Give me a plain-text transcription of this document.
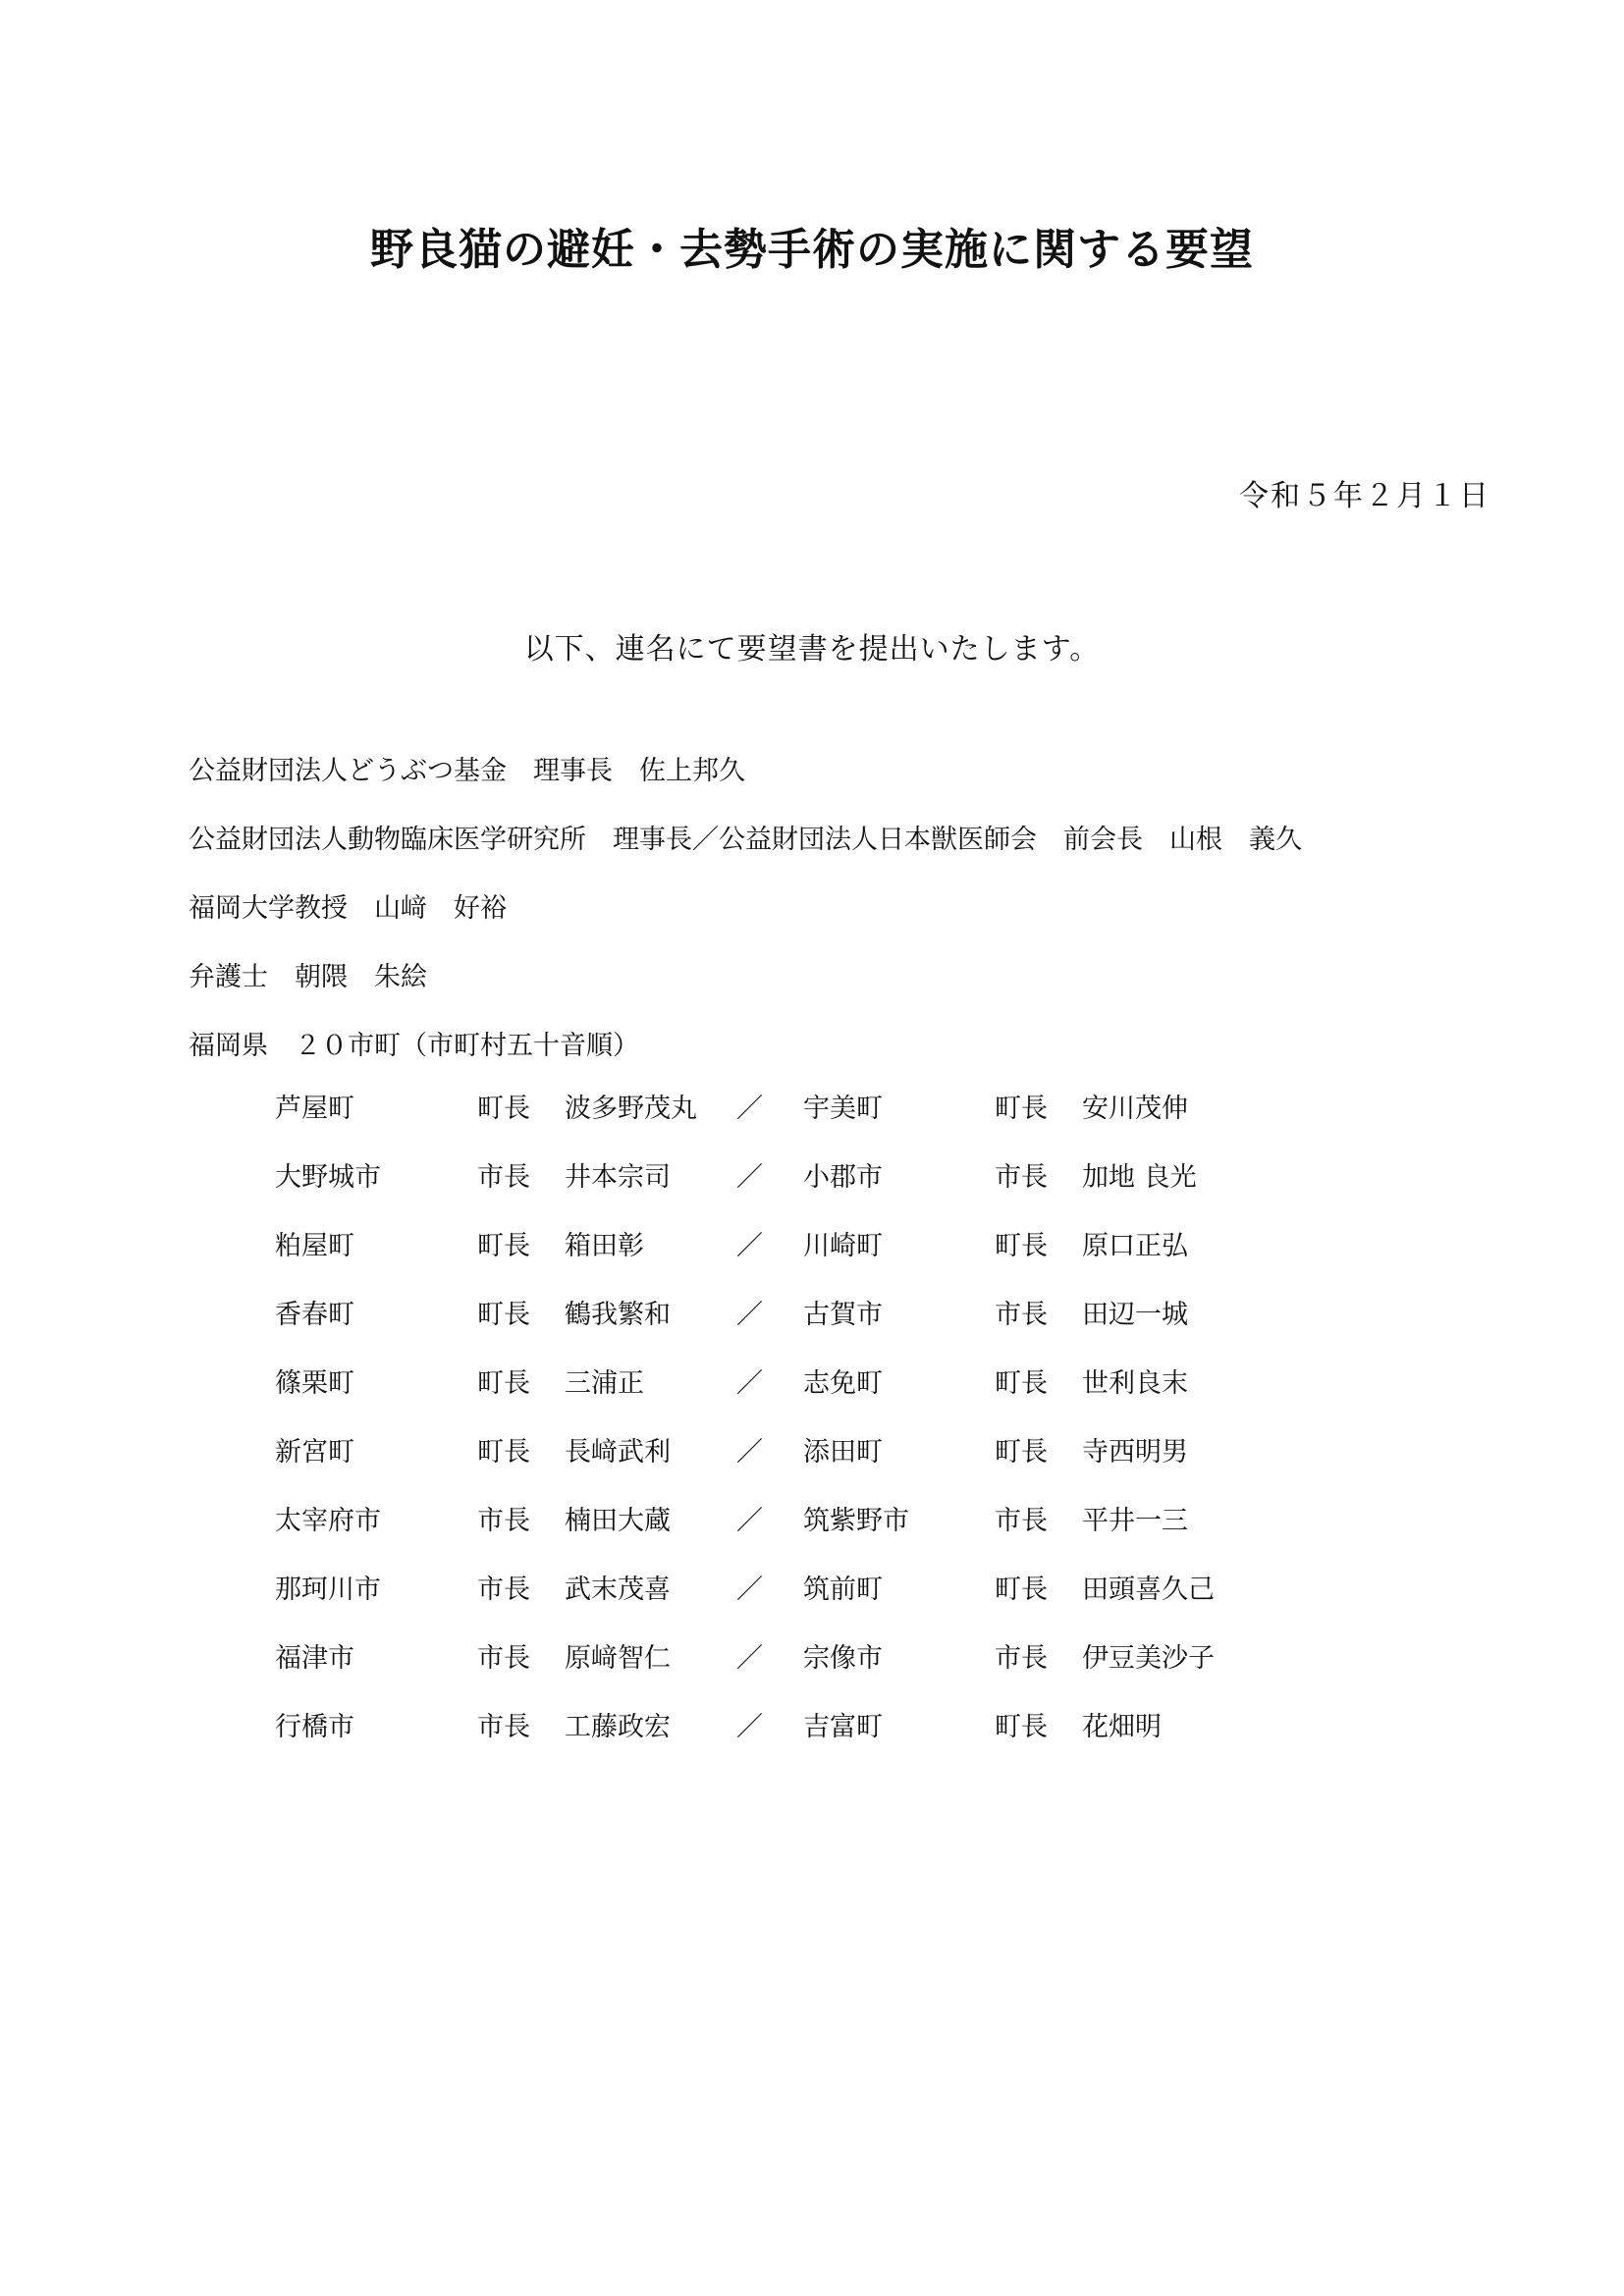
野良猫の避妊・去勢手術の実施に関する要望
令和５年２月１日
以下、連名にて要望書を提出いたします。
公益財団法人どうぶつ基金　理事長　佐上邦久
公益財団法人動物臨床医学研究所　理事長／公益財団法人日本獣医師会　前会長　山根　義久
福岡大学教授　山﨑　好裕
弁護士　朝隈　朱絵
福岡県　２０市町（市町村五十音順）
芦屋町	町長 波多野茂丸 ／ 宇美町	町長 安川茂伸
大野城市	市長 井本宗司 ／ 小郡市	市長 加地 良光
粕屋町	町長 箱田彰	／ 川崎町	町長 原口正弘
香春町	町長 鶴我繁和 ／ 古賀市	市長 田辺一城
篠栗町	町長 三浦正	／ 志免町	町長 世利良末
新宮町	町長 長﨑武利 ／ 添田町	町長 寺西明男
太宰府市	市長 楠田大蔵 ／ 筑紫野市	市長 平井一三
那珂川市	市長 武末茂喜 ／ 筑前町	町長 田頭喜久己
福津市	市長 原﨑智仁 ／ 宗像市	市長 伊豆美沙子
行橋市	市長 工藤政宏 ／ 吉富町	町長 花畑明
